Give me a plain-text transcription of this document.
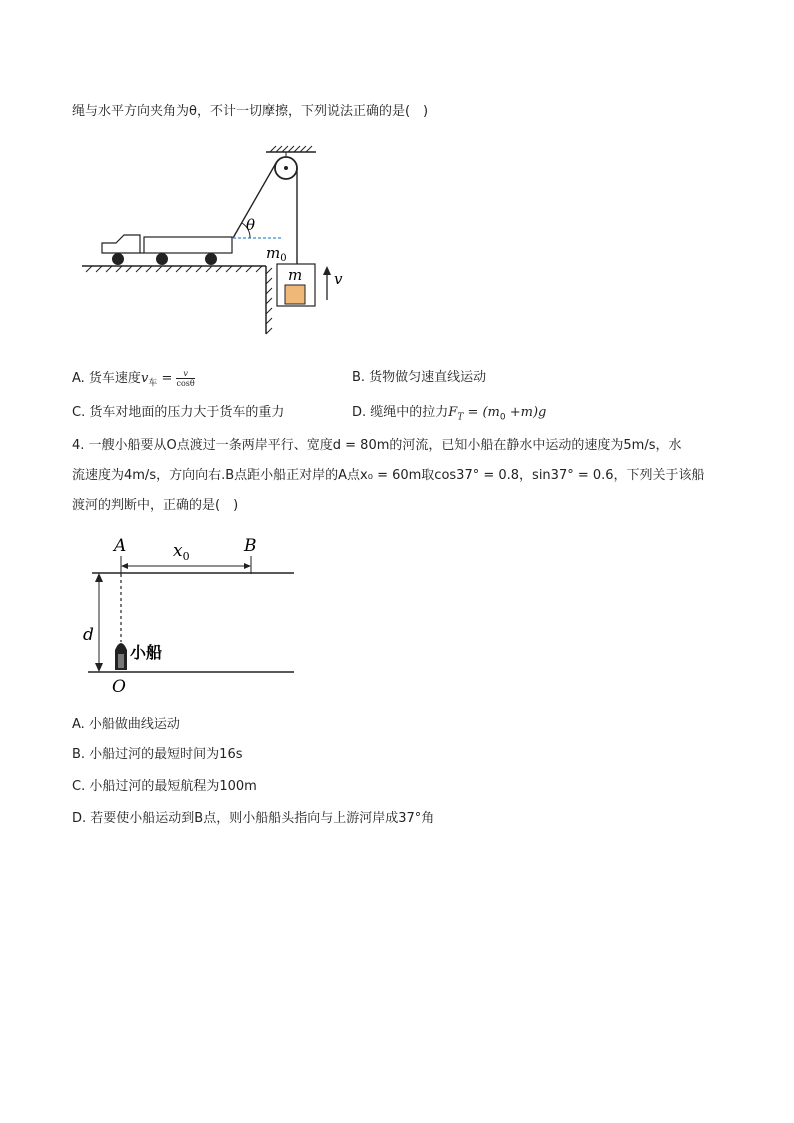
绳与水平方向夹角为θ，不计一切摩擦，下列说法正确的是(　)
θ
$m_0$
m v
A. 货车速度$v_车 = \frac{v}{\cos\theta}$	B. 货物做匀速直线运动
C. 货车对地面的压力大于货车的重力	D. 缆绳中的拉力$F_T = (m_0 +m)g$
4. 一艘小船要从O点渡过一条两岸平行、宽度d = 80m的河流，已知小船在静水中运动的速度为5m/s，水
流速度为4m/s，方向向右.B点距小船正对岸的A点x₀ = 60m取cos37° = 0.8，sin37° = 0.6，下列关于该船
渡河的判断中，正确的是(　)
A	B
$x_0$
d
小船
O
A. 小船做曲线运动
B. 小船过河的最短时间为16s
C. 小船过河的最短航程为100m
D. 若要使小船运动到B点，则小船船头指向与上游河岸成37°角
